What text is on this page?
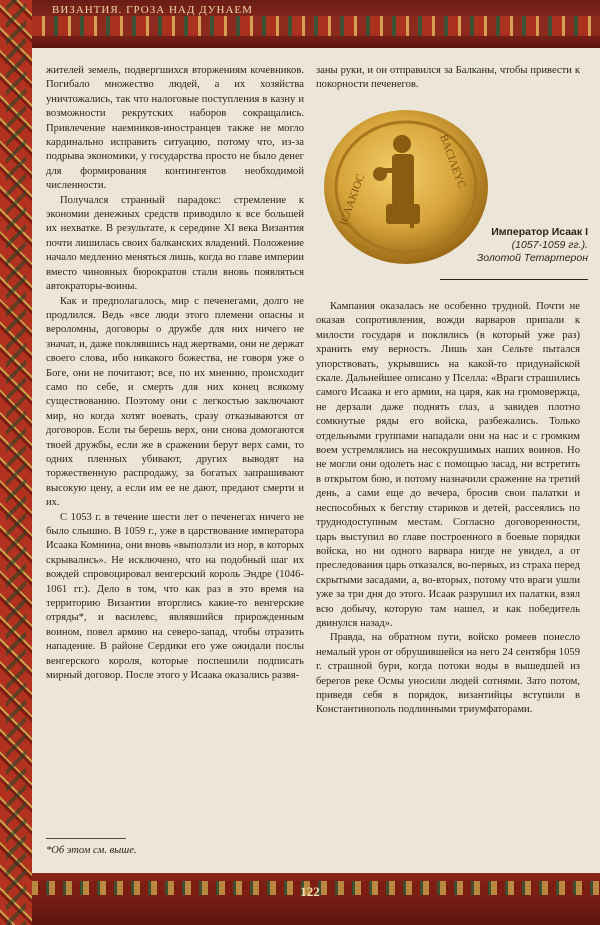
ВИЗАНТИЯ. ГРОЗА НАД ДУНАЕМ

жителей земель, подвергшихся вторжениям кочевников. Погибало множество людей, а их хозяйства уничтожались, так что налоговые поступления в казну и возможности рекрутских наборов сокращались. Привлечение наемников-иностранцев также не могло кардинально исправить ситуацию, потому что, из-за подрыва экономики, у государства просто не было денег для формирования контингентов необходимой численности.

Получался странный парадокс: стремление к экономии денежных средств приводило к все большей их нехватке. В результате, к середине XI века Византия почти лишилась своих балканских владений. Положение начало медленно меняться лишь, когда во главе империи вместо чиновных бюрократов стали вновь появляться автократоры-воины.

Как и предполагалось, мир с печенегами, долго не продлился. Ведь «все люди этого племени опасны и вероломны, договоры о дружбе для них ничего не значат, и, даже поклявшись над жертвами, они не держат своего слова, ибо никакого божества, не говоря уже о Боге, они не почитают; все, по их мнению, происходит само по себе, и смерть для них конец всякому существованию. Поэтому они с легкостью заключают мир, но когда хотят воевать, сразу отказываются от договоров. Если ты берешь верх, они снова домогаются твоей дружбы, если же в сражении берут верх сами, то одних пленных убивают, других выводят на торжественную распродажу, за богатых запрашивают высокую цену, а если им ее не дают, предают смерти и их.

С 1053 г. в течение шести лет о печенегах ничего не было слышно. В 1059 г., уже в царствование императора Исаака Комнина, они вновь «выползли из нор, в которых скрывались». Не исключено, что на подобный шаг их вождей спровоцировал венгерский король Эндре (1046-1061 гг.). Дело в том, что как раз в это время на территорию Византии вторглись какие-то венгерские отряды*, и василевс, являвшийся прирожденным воином, повел армию на северо-запад, чтобы отразить нападение. В районе Сердики его уже ожидали послы венгерского короля, которые поспешили подписать мирный договор. После этого у Исаака оказались развя-

заны руки, и он отправился за Балканы, чтобы привести к покорности печенегов.

ICAAKIOC
BACIΛEYC
Император Исаак I
(1057-1059 гг.).
Золотой Тетартерон

Кампания оказалась не особенно трудной. Почти не оказав сопротивления, вожди варваров припали к милости государя и поклялись (в который уже раз) хранить ему верность. Лишь хан Сельте пытался упорствовать, укрывшись на какой-то придунайской скале. Дальнейшее описано у Пселла: «Враги страшились самого Исаака и его армии, на царя, как на громовержца, не дерзали даже поднять глаз, а завидев плотно сомкнутые ряды его войска, разбежались. Только отдельными группами нападали они на нас и с громким воем устремлялись на несокрушимых наших воинов. Но не могли они одолеть нас с помощью засад, ни встретить в открытом бою, и потому назначили сражение на третий день, а сами еще до вечера, бросив свои палатки и неспособных к бегству стариков и детей, рассеялись по труднодоступным местам. Согласно договоренности, царь выступил во главе построенного в боевые порядки войска, но ни одного варвара нигде не увидел, а от преследования царь отказался, во-первых, из страха перед скрытыми засадами, а, во-вторых, потому что враги ушли уже за три дня до этого. Исаак разрушил их палатки, взял всю добычу, которую там нашел, и как победитель двинулся назад».

Правда, на обратном пути, войско ромеев понесло немалый урон от обрушившейся на него 24 сентября 1059 г. страшной бури, когда потоки воды в вышедшей из берегов реке Осмы уносили людей сотнями. Зато потом, приведя себя в порядок, византийцы вступили в Константинополь подлинными триумфаторами.

*Об этом см. выше.
122
